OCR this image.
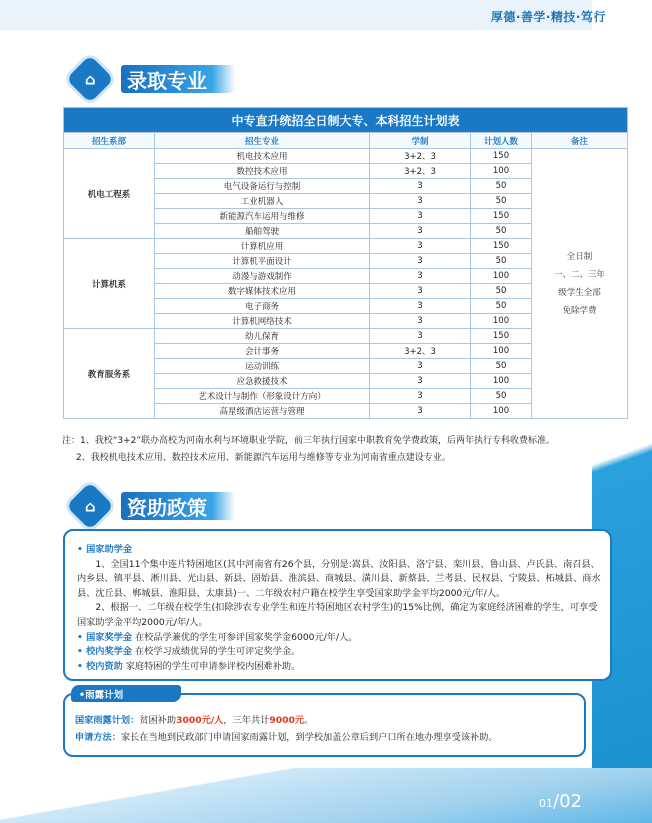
厚德·善学·精技·笃行
⌂	录取专业
中专直升统招全日制大专、本科招生计划表				
招生系部	招生专业	学制	计划人数	备注
机电工程系	机电技术应用	3+2、3	150	全日制
一、二、三年
级学生全部
免除学费

	数控技术应用	3+2、3	100	
	电气设备运行与控制	3	50	
	工业机器人	3	50	
	新能源汽车运用与维修	3	150	
	船舶驾驶	3	50	
计算机系	计算机应用	3	150	
	计算机平面设计	3	50	
	动漫与游戏制作	3	100	
	数字媒体技术应用	3	50	
	电子商务	3	50	
	计算机网络技术	3	100	
教育服务系	幼儿保育	3	150	
	会计事务	3+2、3	100	
	运动训练	3	50	
	应急救援技术	3	100	
	艺术设计与制作（形象设计方向）	3	50	
	高星级酒店运营与管理	3	100	

注：1、我校“3+2”联办高校为河南水利与环境职业学院，前三年执行国家中职教育免学费政策，后两年执行专科收费标准。

2、我校机电技术应用、数控技术应用、新能源汽车运用与维修等专业为河南省重点建设专业。

⌂	资助政策

• 国家助学金

1、全国11个集中连片特困地区(其中河南省有26个县，分别是:嵩县、汝阳县、洛宁县、栾川县、鲁山县、卢氏县、南召县、内乡县、镇平县、淅川县、光山县、新县、固始县、淮滨县、商城县、潢川县、新蔡县、兰考县、民权县、宁陵县、柘城县、商水县、沈丘县、郸城县、淮阳县、太康县)一、二年级农村户籍在校学生享受国家助学金平均2000元/年/人。

2、根据一、二年级在校学生(扣除涉农专业学生和连片特困地区农村学生)的15%比例，确定为家庭经济困难的学生，可享受国家助学金平均2000元/年/人。

• 国家奖学金 在校品学兼优的学生可参评国家奖学金6000元/年/人。

• 校内奖学金 在校学习成绩优异的学生可评定奖学金。

• 校内资助 家庭特困的学生可申请参评校内困难补助。

•雨露计划

国家雨露计划：贫困补助3000元/人，三年共计9000元。

申请方法：家长在当地到民政部门申请国家雨露计划，到学校加盖公章后到户口所在地办理享受该补助。

01/02
